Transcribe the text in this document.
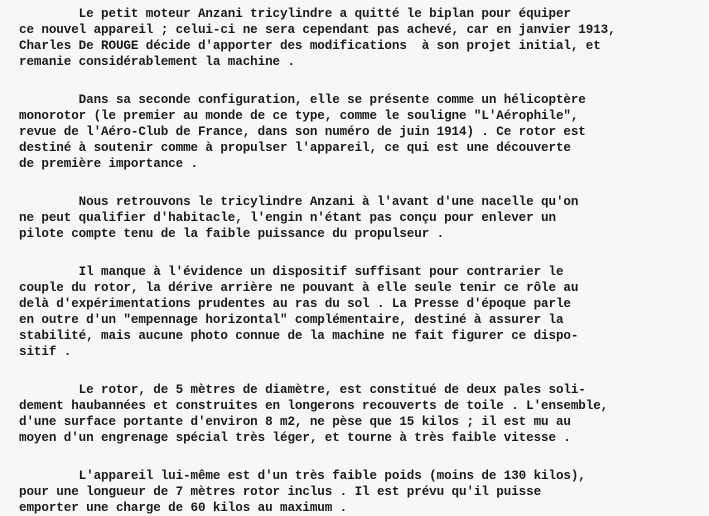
Le petit moteur Anzani tricylindre a quitté le biplan pour équiper
ce nouvel appareil ; celui-ci ne sera cependant pas achevé, car en janvier 1913,
Charles De ROUGE décide d'apporter des modifications  à son projet initial, et
remanie considérablement la machine .
Dans sa seconde configuration, elle se présente comme un hélicoptère
monorotor (le premier au monde de ce type, comme le souligne "L'Aérophile",
revue de l'Aéro-Club de France, dans son numéro de juin 1914) . Ce rotor est
destiné à soutenir comme à propulser l'appareil, ce qui est une découverte
de première importance .
Nous retrouvons le tricylindre Anzani à l'avant d'une nacelle qu'on
ne peut qualifier d'habitacle, l'engin n'étant pas conçu pour enlever un
pilote compte tenu de la faible puissance du propulseur .
Il manque à l'évidence un dispositif suffisant pour contrarier le
couple du rotor, la dérive arrière ne pouvant à elle seule tenir ce rôle au
delà d'expérimentations prudentes au ras du sol . La Presse d'époque parle
en outre d'un "empennage horizontal" complémentaire, destiné à assurer la
stabilité, mais aucune photo connue de la machine ne fait figurer ce dispo-
sitif .
Le rotor, de 5 mètres de diamètre, est constitué de deux pales soli-
dement haubannées et construites en longerons recouverts de toile . L'ensemble,
d'une surface portante d'environ 8 m2, ne pèse que 15 kilos ; il est mu au
moyen d'un engrenage spécial très léger, et tourne à très faible vitesse .
L'appareil lui-même est d'un très faible poids (moins de 130 kilos),
pour une longueur de 7 mètres rotor inclus . Il est prévu qu'il puisse
emporter une charge de 60 kilos au maximum .
